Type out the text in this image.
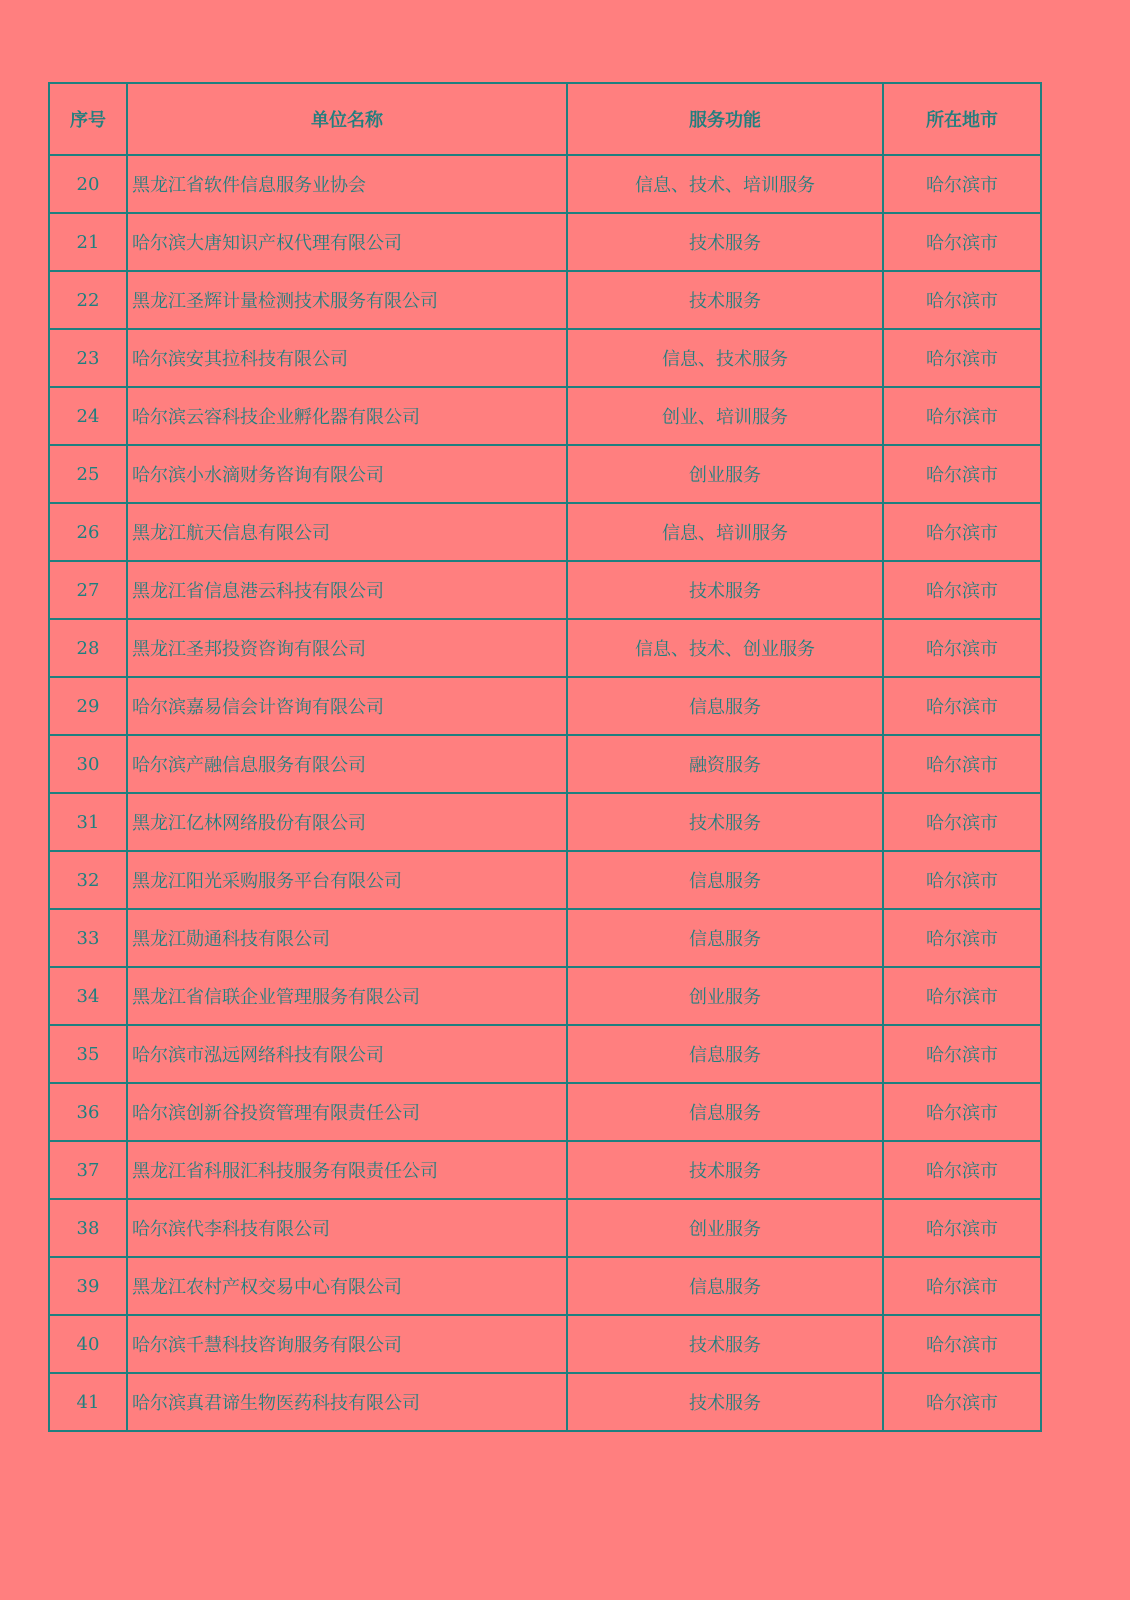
序号	单位名称	服务功能	所在地市
20	黑龙江省软件信息服务业协会	信息、技术、培训服务	哈尔滨市
21	哈尔滨大唐知识产权代理有限公司	技术服务	哈尔滨市
22	黑龙江圣辉计量检测技术服务有限公司	技术服务	哈尔滨市
23	哈尔滨安其拉科技有限公司	信息、技术服务	哈尔滨市
24	哈尔滨云容科技企业孵化器有限公司	创业、培训服务	哈尔滨市
25	哈尔滨小水滴财务咨询有限公司	创业服务	哈尔滨市
26	黑龙江航天信息有限公司	信息、培训服务	哈尔滨市
27	黑龙江省信息港云科技有限公司	技术服务	哈尔滨市
28	黑龙江圣邦投资咨询有限公司	信息、技术、创业服务	哈尔滨市
29	哈尔滨嘉易信会计咨询有限公司	信息服务	哈尔滨市
30	哈尔滨产融信息服务有限公司	融资服务	哈尔滨市
31	黑龙江亿林网络股份有限公司	技术服务	哈尔滨市
32	黑龙江阳光采购服务平台有限公司	信息服务	哈尔滨市
33	黑龙江勋通科技有限公司	信息服务	哈尔滨市
34	黑龙江省信联企业管理服务有限公司	创业服务	哈尔滨市
35	哈尔滨市泓远网络科技有限公司	信息服务	哈尔滨市
36	哈尔滨创新谷投资管理有限责任公司	信息服务	哈尔滨市
37	黑龙江省科服汇科技服务有限责任公司	技术服务	哈尔滨市
38	哈尔滨代李科技有限公司	创业服务	哈尔滨市
39	黑龙江农村产权交易中心有限公司	信息服务	哈尔滨市
40	哈尔滨千慧科技咨询服务有限公司	技术服务	哈尔滨市
41	哈尔滨真君谛生物医药科技有限公司	技术服务	哈尔滨市
